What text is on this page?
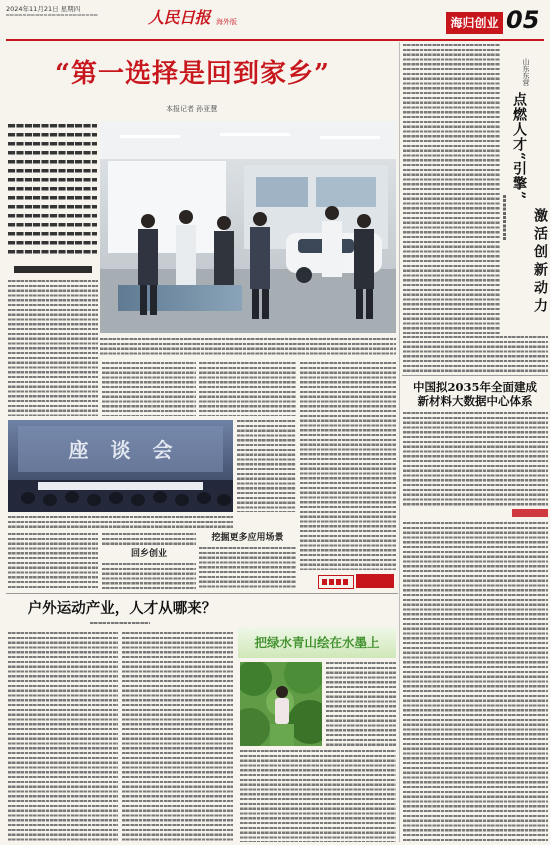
2024年11月21日 星期四	人民日报 海外版	海归创业 05
“第一选择是回到家乡”
本报记者 孙亚慧
座谈会
挖掘更多应用场景
回乡创业
山东东营
点燃人才“引擎”
激活创新动力
中国拟2035年全面建成
新材料大数据中心体系
户外运动产业，人才从哪来？
把绿水青山绘在水墨上
